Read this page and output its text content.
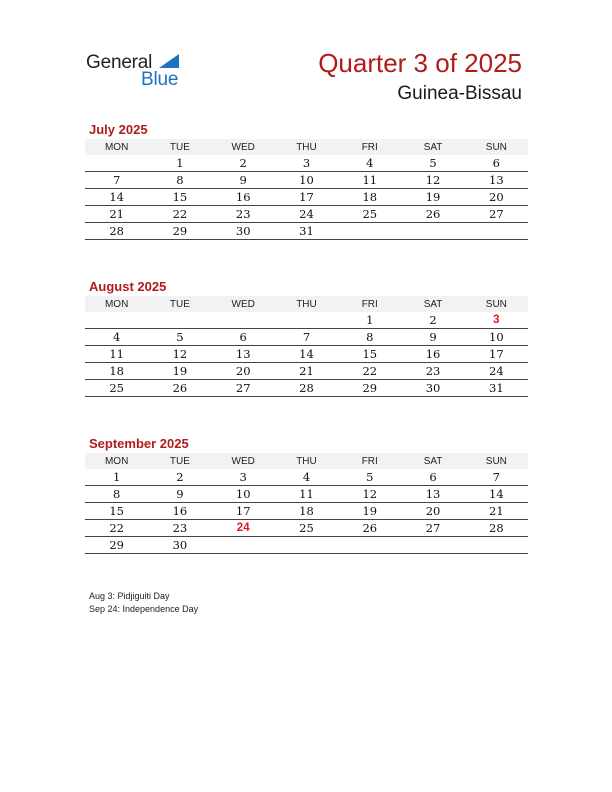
General
Blue
Quarter 3 of 2025
Guinea-Bissau
July 2025
MON	TUE	WED	THU	FRI	SAT	SUN
	1	2	3	4	5	6
7	8	9	10	11	12	13
14	15	16	17	18	19	20
21	22	23	24	25	26	27
28	29	30	31			
August 2025
MON	TUE	WED	THU	FRI	SAT	SUN
				1	2	3
4	5	6	7	8	9	10
11	12	13	14	15	16	17
18	19	20	21	22	23	24
25	26	27	28	29	30	31
September 2025
MON	TUE	WED	THU	FRI	SAT	SUN
1	2	3	4	5	6	7
8	9	10	11	12	13	14
15	16	17	18	19	20	21
22	23	24	25	26	27	28
29	30					
Aug 3: Pidjiguiti Day
Sep 24: Independence Day
